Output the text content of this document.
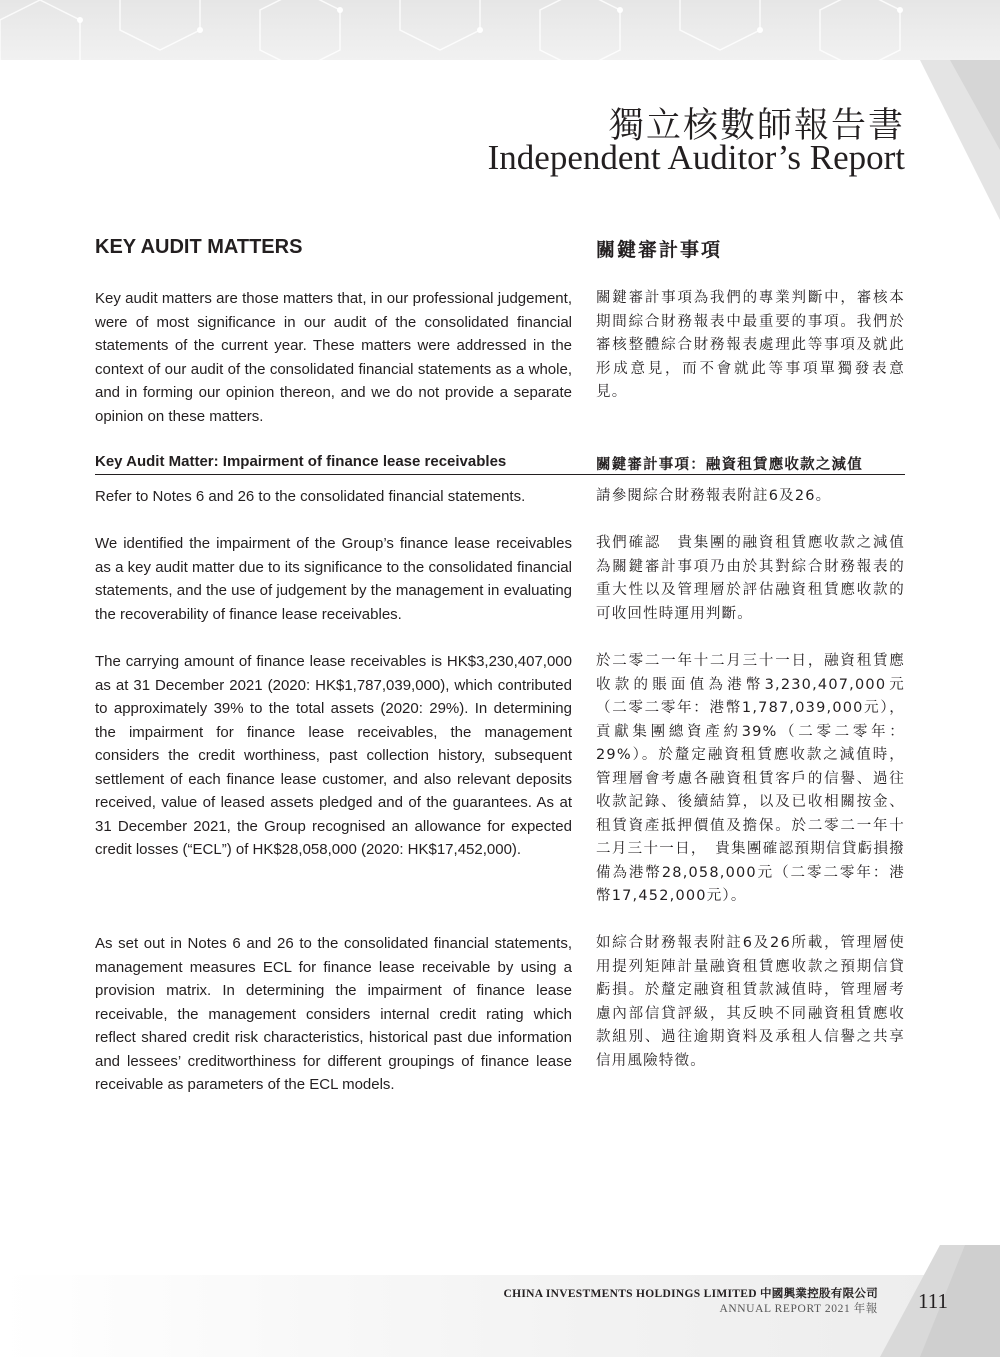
獨立核數師報告書
Independent Auditor’s Report
KEY AUDIT MATTERS	關鍵審計事項
Key audit matters are those matters that, in our professional judgement, were of most significance in our audit of the consolidated financial statements of the current year. These matters were addressed in the context of our audit of the consolidated financial statements as a whole, and in forming our opinion thereon, and we do not provide a separate opinion on these matters.
關鍵審計事項為我們的專業判斷中，審核本期間綜合財務報表中最重要的事項。我們於審核整體綜合財務報表處理此等事項及就此形成意見，而不會就此等事項單獨發表意見。
Key Audit Matter: Impairment of finance lease receivables	關鍵審計事項：融資租賃應收款之減值
Refer to Notes 6 and 26 to the consolidated financial statements.	請參閱綜合財務報表附註6及26。
We identified the impairment of the Group’s finance lease receivables as a key audit matter due to its significance to the consolidated financial statements, and the use of judgement by the management in evaluating the recoverability of finance lease receivables.
我們確認　貴集團的融資租賃應收款之減值為關鍵審計事項乃由於其對綜合財務報表的重大性以及管理層於評估融資租賃應收款的可收回性時運用判斷。
The carrying amount of finance lease receivables is HK$3,230,407,000 as at 31 December 2021 (2020: HK$1,787,039,000), which contributed to approximately 39% to the total assets (2020: 29%). In determining the impairment for finance lease receivables, the management considers the credit worthiness, past collection history, subsequent settlement of each finance lease customer, and also relevant deposits received, value of leased assets pledged and of the guarantees. As at 31 December 2021, the Group recognised an allowance for expected credit losses (“ECL”) of HK$28,058,000 (2020: HK$17,452,000).
於二零二一年十二月三十一日，融資租賃應收款的賬面值為港幣3,230,407,000元（二零二零年：港幣1,787,039,000元），貢獻集團總資產約39%（二零二零年：29%）。於釐定融資租賃應收款之減值時，管理層會考慮各融資租賃客戶的信譽、過往收款記錄、後續結算，以及已收相關按金、租賃資產抵押價值及擔保。於二零二一年十二月三十一日，　貴集團確認預期信貸虧損撥備為港幣28,058,000元（二零二零年：港幣17,452,000元）。
As set out in Notes 6 and 26 to the consolidated financial statements, management measures ECL for finance lease receivable by using a provision matrix. In determining the impairment of finance lease receivable, the management considers internal credit rating which reflect shared credit risk characteristics, historical past due information and lessees’ creditworthiness for different groupings of finance lease receivable as parameters of the ECL models.
如綜合財務報表附註6及26所載，管理層使用提列矩陣計量融資租賃應收款之預期信貸虧損。於釐定融資租賃款減值時，管理層考慮內部信貸評級，其反映不同融資租賃應收款組別、過往逾期資料及承租人信譽之共享信用風險特徵。
CHINA INVESTMENTS HOLDINGS LIMITED 中國興業控股有限公司
ANNUAL REPORT 2021 年報 111
